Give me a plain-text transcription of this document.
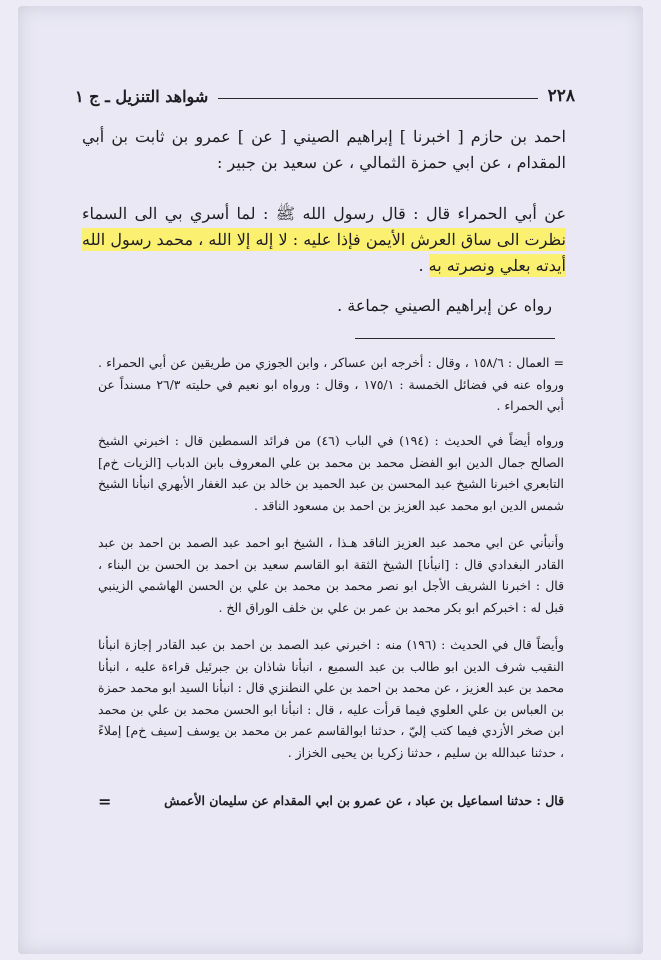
٢٢٨
شواهد التنزيل ـ ج ١
احمد بن حازم [ اخبرنا ] إبراهيم الصيني [ عن ] عمرو بن ثابت بن أبي المقدام ، عن ابي حمزة الثمالي ، عن سعيد بن جبير :
عن أبي الحمراء قال : قال رسول الله ﷺ : لما أسري بي الى السماء نظرت الى ساق العرش الأيمن فإذا عليه : لا إله إلا الله ، محمد رسول الله أيدته بعلي ونصرته به .
رواه عن إبراهيم الصيني جماعة .
= العمال : ١٥٨/٦ ، وقال : أخرجه ابن عساكر ، وابن الجوزي من طريقين عن أبي الحمراء . ورواه عنه في فضائل الخمسة : ١٧٥/١ ، وقال : ورواه ابو نعيم في حليته ٢٦/٣ مسنداً عن أبي الحمراء .
ورواه أيضاً في الحديث : (١٩٤) في الباب (٤٦) من فرائد السمطين قال : اخبرني الشيخ الصالح جمال الدين ابو الفضل محمد بن محمد بن علي المعروف بابن الدباب [الزيات خ‌م] التابعري اخبرنا الشيخ عبد المحسن بن عبد الحميد بن خالد بن عبد الغفار الأبهري انبأنا الشيخ شمس الدين ابو محمد عبد العزيز بن احمد بن مسعود الناقد .
وأنبأني عن ابي محمد عبد العزيز الناقد هـذا ، الشيخ ابو احمد عبد الصمد بن احمد بن عبد القادر البغدادي قال : [انبأنا] الشيخ الثقة ابو القاسم سعيد بن احمد بن الحسن بن البناء ، قال : اخبرنا الشريف الأجل ابو نصر محمد بن محمد بن علي بن الحسن الهاشمي الزينبي قبل له : اخبركم ابو بكر محمد بن عمر بن علي بن خلف الوراق الخ .
وأيضاً قال في الحديث : (١٩٦) منه : اخبرني عبد الصمد بن احمد بن عبد القادر إجازة انبأنا النقيب شرف الدين ابو طالب بن عبد السميع ، انبأنا شاذان بن جبرئيل قراءة عليه ، انبأنا محمد بن عبد العزيز ، عن محمد بن احمد بن علي النطنزي قال : انبأنا السيد ابو محمد حمزة بن العباس بن علي العلوي فيما قرأت عليه ، قال : انبأنا ابو الحسن محمد بن علي بن محمد ابن صخر الأزدي فيما كتب إليّ ، حدثنا ابوالقاسم عمر بن محمد بن يوسف [سيف خ‌م] إملاءً ، حدثنا عبدالله بن سليم ، حدثنا زكريا بن يحيى الخزاز .
قال : حدثنا اسماعيل بن عباد ، عن عمرو بن ابي المقدام عن سليمان الأعمش
=
